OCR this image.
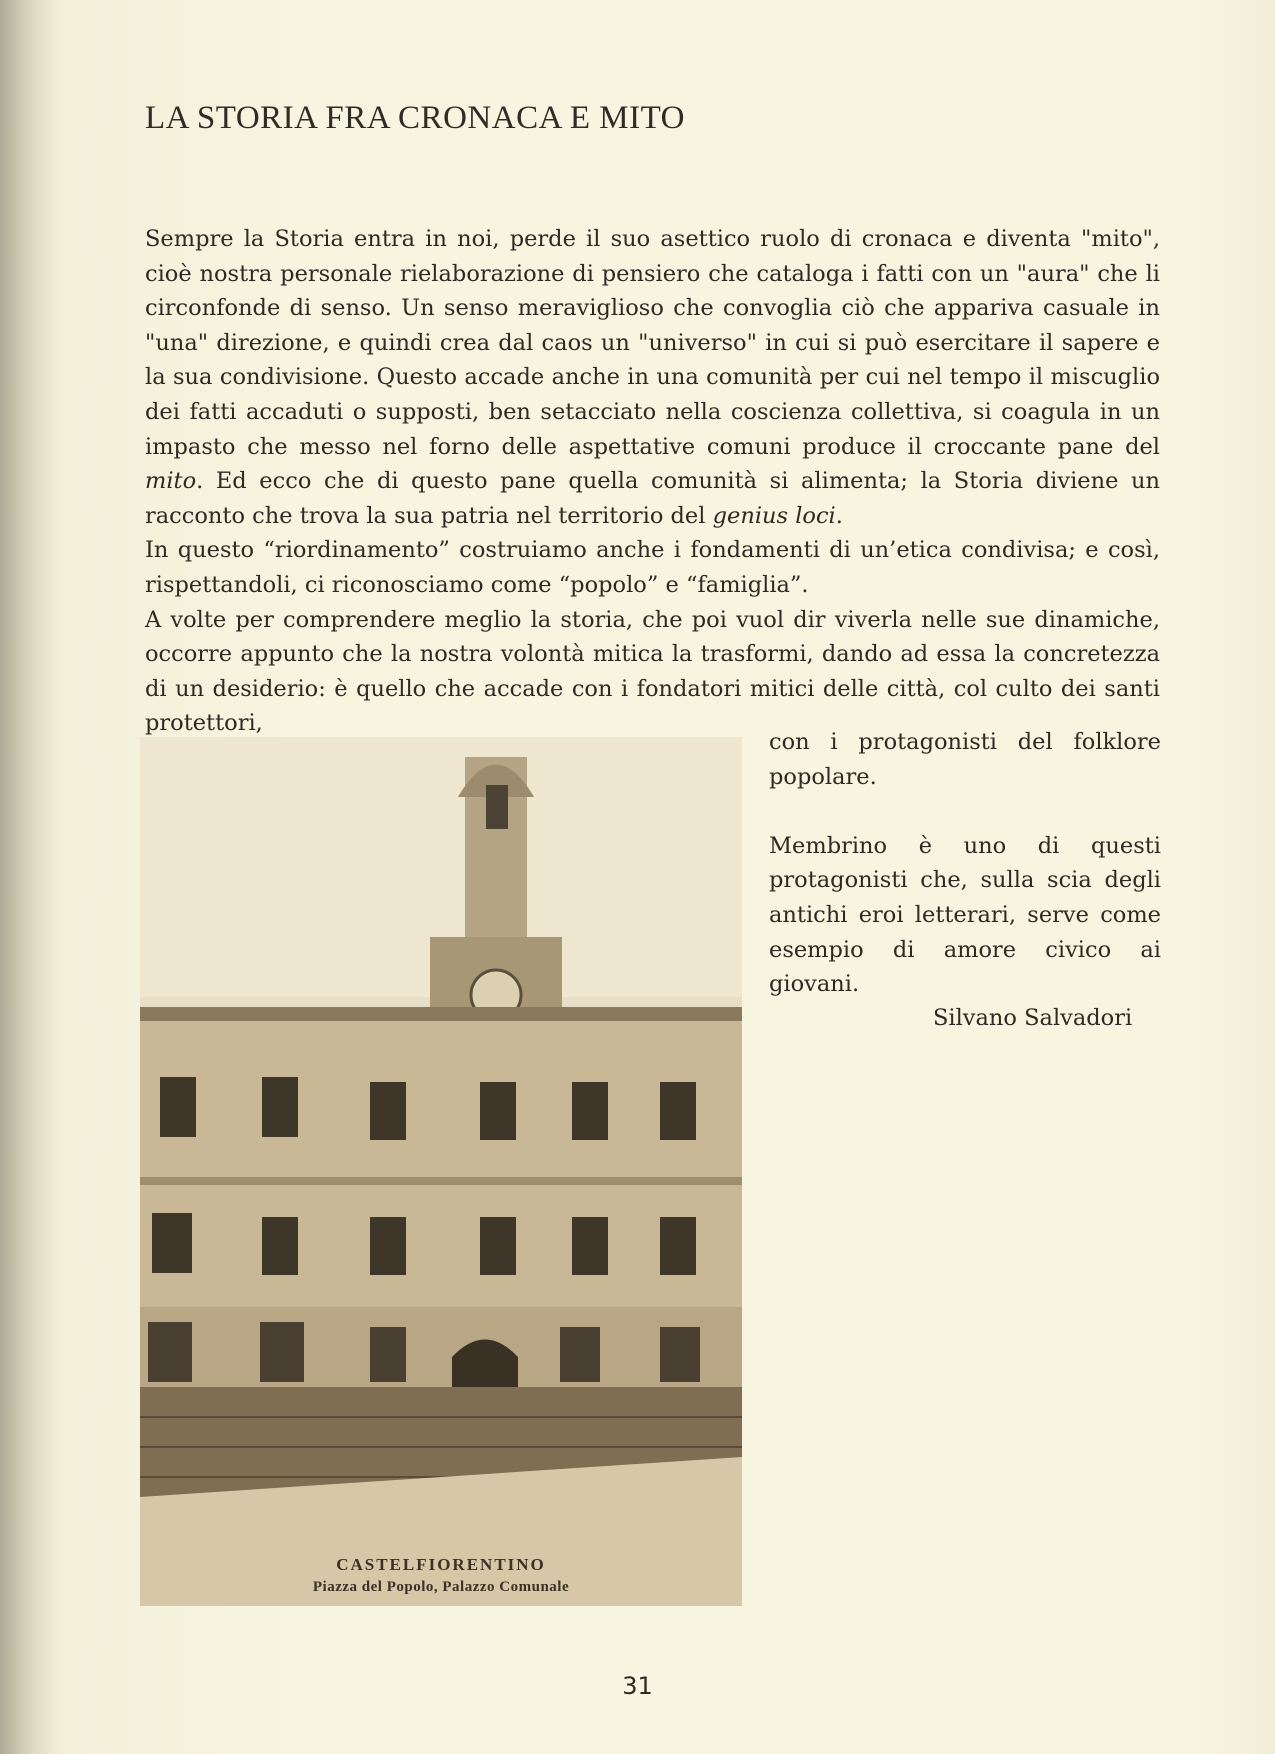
LA STORIA FRA CRONACA E MITO

Sempre la Storia entra in noi, perde il suo asettico ruolo di cronaca e diventa "mito", cioè nostra personale rielaborazione di pensiero che cataloga i fatti con un "aura" che li circonfonde di senso. Un senso meraviglioso che convoglia ciò che appariva casuale in "una" direzione, e quindi crea dal caos un "universo" in cui si può esercitare il sapere e la sua condivisione. Questo accade anche in una comunità per cui nel tempo il miscuglio dei fatti accaduti o supposti, ben setacciato nella coscienza collettiva, si coagula in un impasto che messo nel forno delle aspettative comuni produce il croccante pane del mito. Ed ecco che di questo pane quella comunità si alimenta; la Storia diviene un racconto che trova la sua patria nel territorio del genius loci.

In questo “riordinamento” costruiamo anche i fondamenti di un’etica condivisa; e così, rispettandoli, ci riconosciamo come “popolo” e “famiglia”.

A volte per comprendere meglio la storia, che poi vuol dir viverla nelle sue dinamiche, occorre appunto che la nostra volontà mitica la trasformi, dando ad essa la concretezza di un desiderio: è quello che accade con i fondatori mitici delle città, col culto dei santi protettori,

CASTELFIORENTINO
Piazza del Popolo, Palazzo Comunale

con i protagonisti del folklore popolare.

Membrino è uno di questi protagonisti che, sulla scia degli antichi eroi letterari, serve come esempio di amore civico ai giovani.

Silvano Salvadori
31
